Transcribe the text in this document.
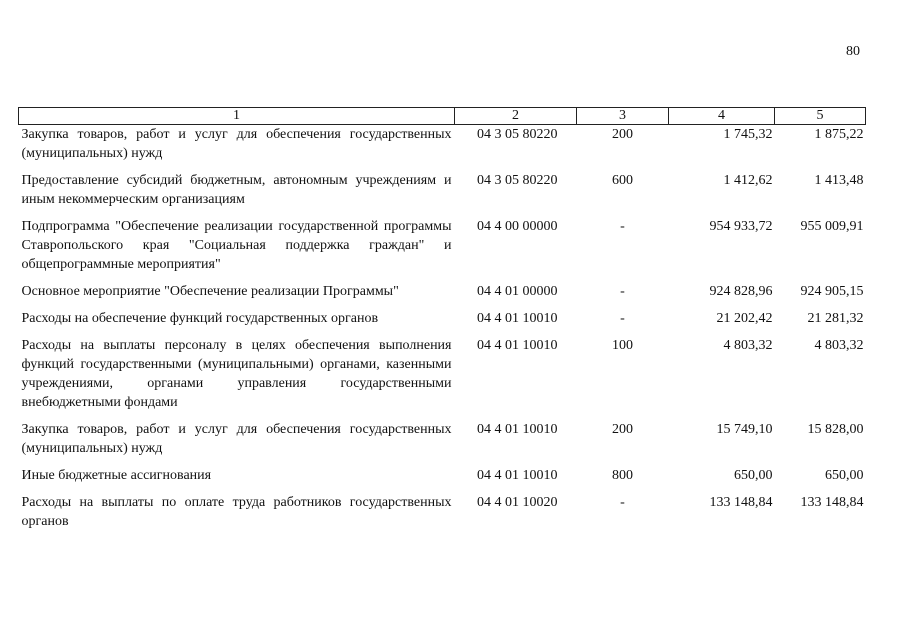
80
1	2	3	4	5
Закупка товаров, работ и услуг для обеспечения государственных (муниципальных) нужд	04 3 05 80220	200	1 745,32	1 875,22
Предоставление субсидий бюджетным, автономным учреждениям и иным некоммерческим организациям	04 3 05 80220	600	1 412,62	1 413,48
Подпрограмма "Обеспечение реализации государственной программы Ставропольского края "Социальная поддержка граждан" и общепрограммные мероприятия"	04 4 00 00000	-	954 933,72	955 009,91
Основное мероприятие "Обеспечение реализации Программы"	04 4 01 00000	-	924 828,96	924 905,15
Расходы на обеспечение функций государственных органов	04 4 01 10010	-	21 202,42	21 281,32
Расходы на выплаты персоналу в целях обеспечения выполнения функций государственными (муниципальными) органами, казенными учреждениями, органами управления государственными внебюджетными фондами	04 4 01 10010	100	4 803,32	4 803,32
Закупка товаров, работ и услуг для обеспечения государственных (муниципальных) нужд	04 4 01 10010	200	15 749,10	15 828,00
Иные бюджетные ассигнования	04 4 01 10010	800	650,00	650,00
Расходы на выплаты по оплате труда работников государственных органов	04 4 01 10020	-	133 148,84	133 148,84
